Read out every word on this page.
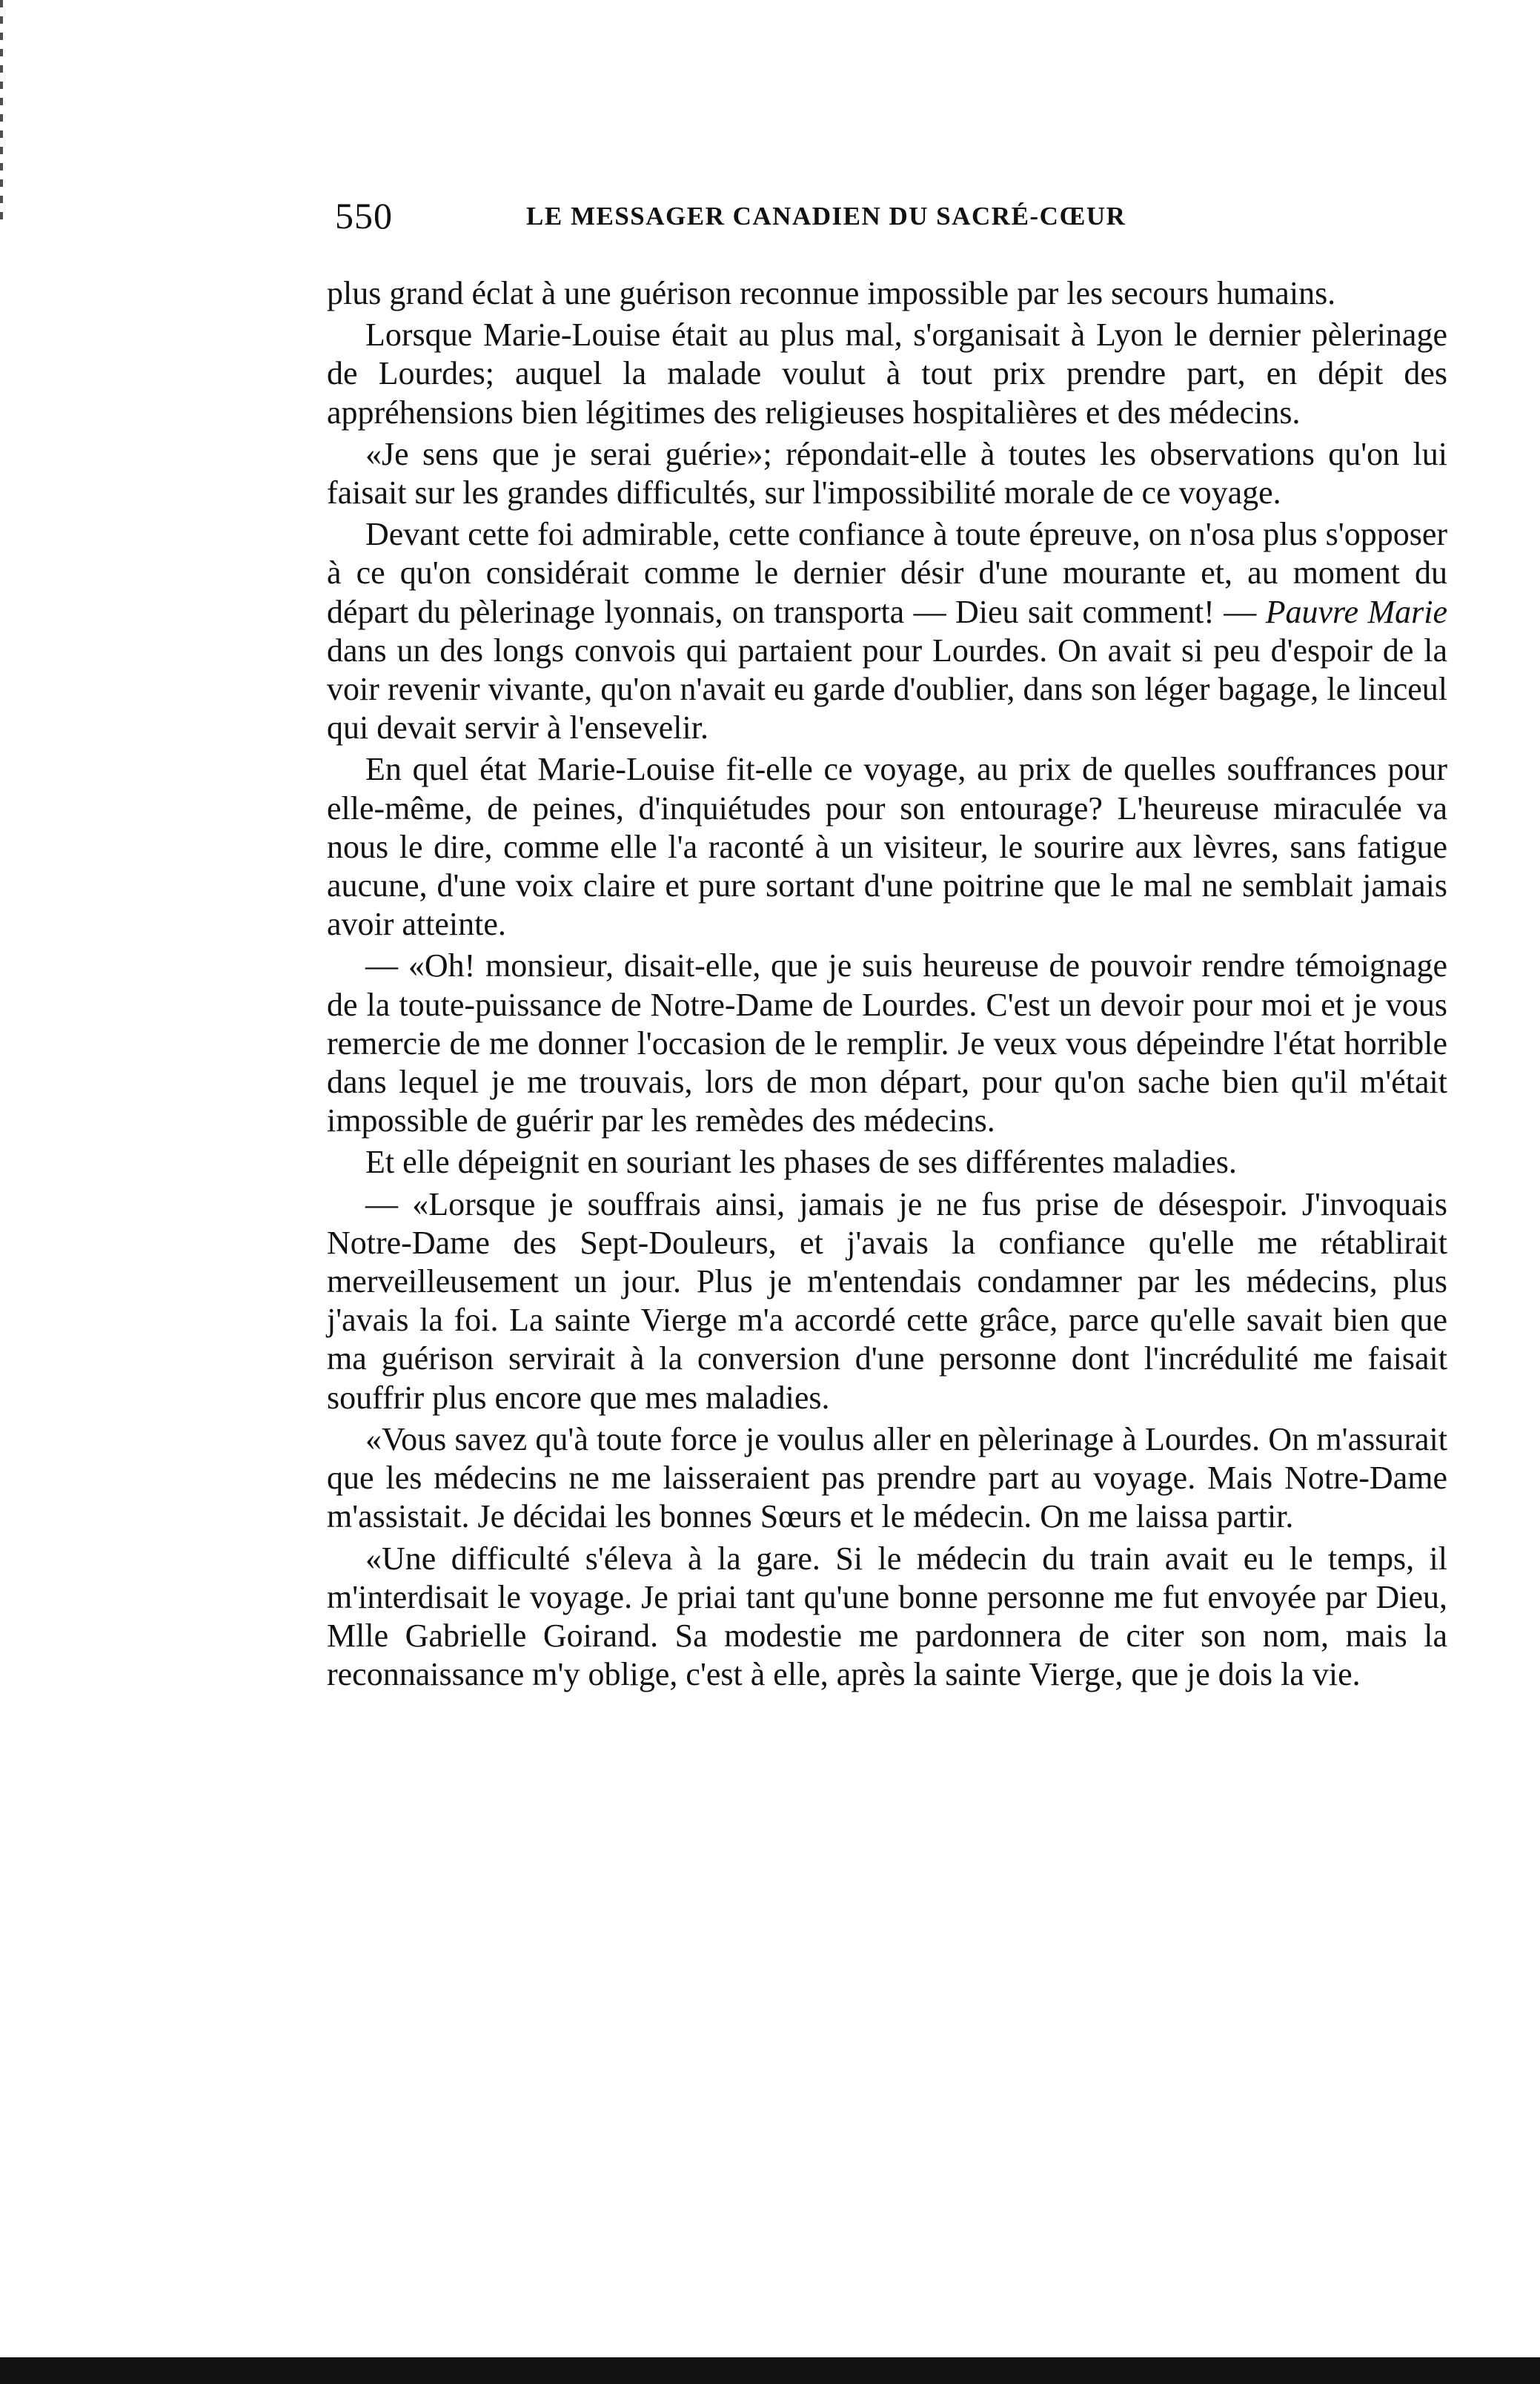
550	LE MESSAGER CANADIEN DU SACRÉ-CŒUR

plus grand éclat à une guérison reconnue impossible par les secours humains.

Lorsque Marie-Louise était au plus mal, s'organisait à Lyon le dernier pèlerinage de Lourdes; auquel la malade voulut à tout prix prendre part, en dépit des appréhensions bien légitimes des religieuses hospitalières et des médecins.

«Je sens que je serai guérie»; répondait-elle à toutes les observations qu'on lui faisait sur les grandes difficultés, sur l'impossibilité morale de ce voyage.

Devant cette foi admirable, cette confiance à toute épreuve, on n'osa plus s'opposer à ce qu'on considérait comme le dernier désir d'une mourante et, au moment du départ du pèlerinage lyonnais, on transporta — Dieu sait comment! — Pauvre Marie dans un des longs convois qui partaient pour Lourdes. On avait si peu d'espoir de la voir revenir vivante, qu'on n'avait eu garde d'oublier, dans son léger bagage, le linceul qui devait servir à l'ensevelir.

En quel état Marie-Louise fit-elle ce voyage, au prix de quelles souffrances pour elle-même, de peines, d'inquiétudes pour son entourage? L'heureuse miraculée va nous le dire, comme elle l'a raconté à un visiteur, le sourire aux lèvres, sans fatigue aucune, d'une voix claire et pure sortant d'une poitrine que le mal ne semblait jamais avoir atteinte.

— «Oh! monsieur, disait-elle, que je suis heureuse de pouvoir rendre témoignage de la toute-puissance de Notre-Dame de Lourdes. C'est un devoir pour moi et je vous remercie de me donner l'occasion de le remplir. Je veux vous dépeindre l'état horrible dans lequel je me trouvais, lors de mon départ, pour qu'on sache bien qu'il m'était impossible de guérir par les remèdes des médecins.

Et elle dépeignit en souriant les phases de ses différentes maladies.

— «Lorsque je souffrais ainsi, jamais je ne fus prise de désespoir. J'invoquais Notre-Dame des Sept-Douleurs, et j'avais la confiance qu'elle me rétablirait merveilleusement un jour. Plus je m'entendais condamner par les médecins, plus j'avais la foi. La sainte Vierge m'a accordé cette grâce, parce qu'elle savait bien que ma guérison servirait à la conversion d'une personne dont l'incrédulité me faisait souffrir plus encore que mes maladies.

«Vous savez qu'à toute force je voulus aller en pèlerinage à Lourdes. On m'assurait que les médecins ne me laisseraient pas prendre part au voyage. Mais Notre-Dame m'assistait. Je décidai les bonnes Sœurs et le médecin. On me laissa partir.

«Une difficulté s'éleva à la gare. Si le médecin du train avait eu le temps, il m'interdisait le voyage. Je priai tant qu'une bonne personne me fut envoyée par Dieu, Mlle Gabrielle Goirand. Sa modestie me pardonnera de citer son nom, mais la reconnaissance m'y oblige, c'est à elle, après la sainte Vierge, que je dois la vie.
